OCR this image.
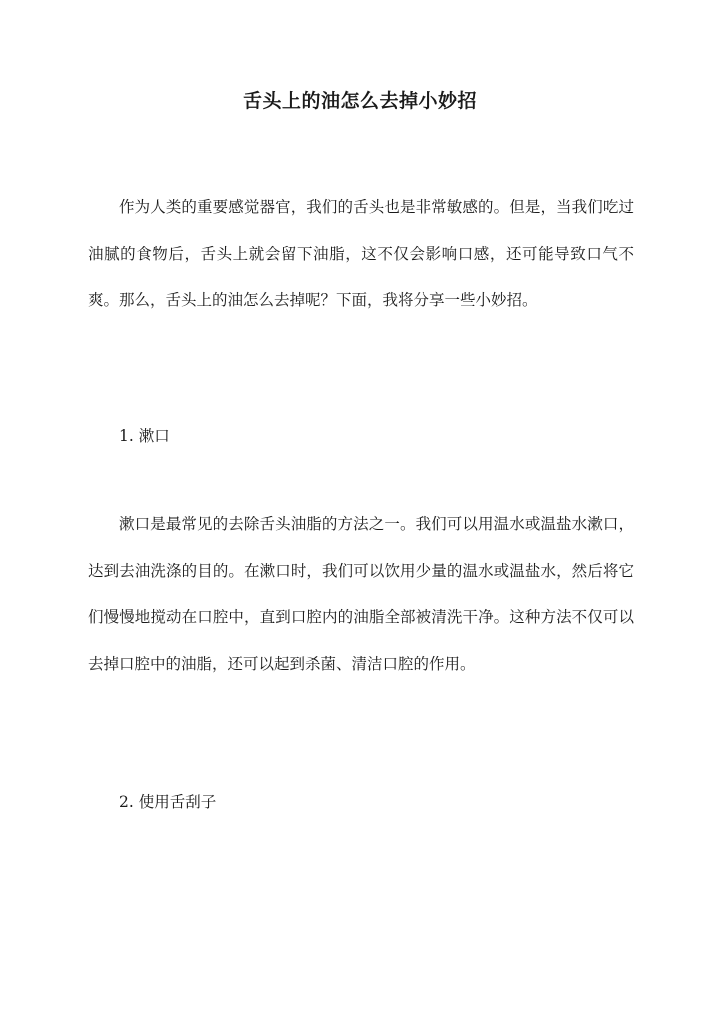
舌头上的油怎么去掉小妙招

作为人类的重要感觉器官，我们的舌头也是非常敏感的。但是，当我们吃过油腻的食物后，舌头上就会留下油脂，这不仅会影响口感，还可能导致口气不爽。那么，舌头上的油怎么去掉呢？下面，我将分享一些小妙招。

1. 漱口

漱口是最常见的去除舌头油脂的方法之一。我们可以用温水或温盐水漱口，达到去油洗涤的目的。在漱口时，我们可以饮用少量的温水或温盐水，然后将它们慢慢地搅动在口腔中，直到口腔内的油脂全部被清洗干净。这种方法不仅可以去掉口腔中的油脂，还可以起到杀菌、清洁口腔的作用。

2. 使用舌刮子
